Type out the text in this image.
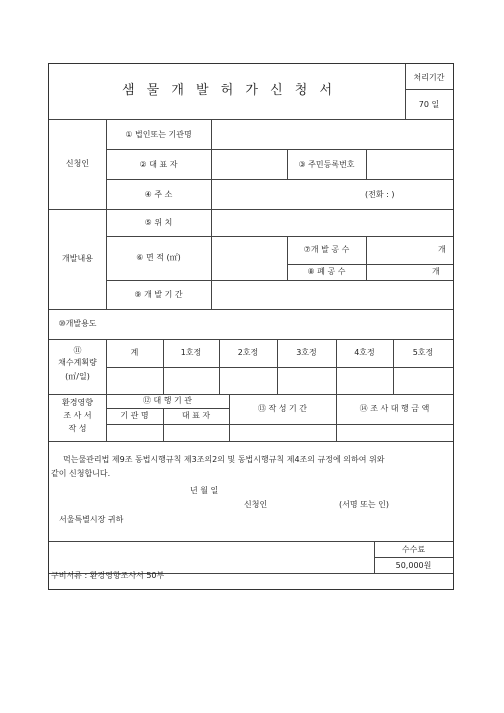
샘 물 개 발 허 가 신 청 서
처리기간
70 일
신청인
① 법인또는 기관명
② 대 표 자	③ 주민등록번호
④ 주 소	(전화 : )
개발내용
⑤ 위 치
⑥ 면 적 (㎡)
⑦개 발 공 수	개
⑧ 폐 공 수	개
⑨ 개 발 기 간
⑩개발용도
⑪
채수계획량
(㎥/일)
계	1호정	2호정	3호정	4호정	5호정
환경영향
조 사 서
작 성
⑫ 대 행 기 관
기 관 명	대 표 자
⑬ 작 성 기 간	⑭ 조 사 대 행 금 액
먹는물관리법 제9조 동법시행규칙 제3조의2의 및 동법시행규칙 제4조의 규정에 의하여 위와
같이 신청합니다.
년 월 일
신청인	(서명 또는 인)
서울특별시장 귀하
수수료
50,000원
구비서류 : 환경영향조사서 50부
